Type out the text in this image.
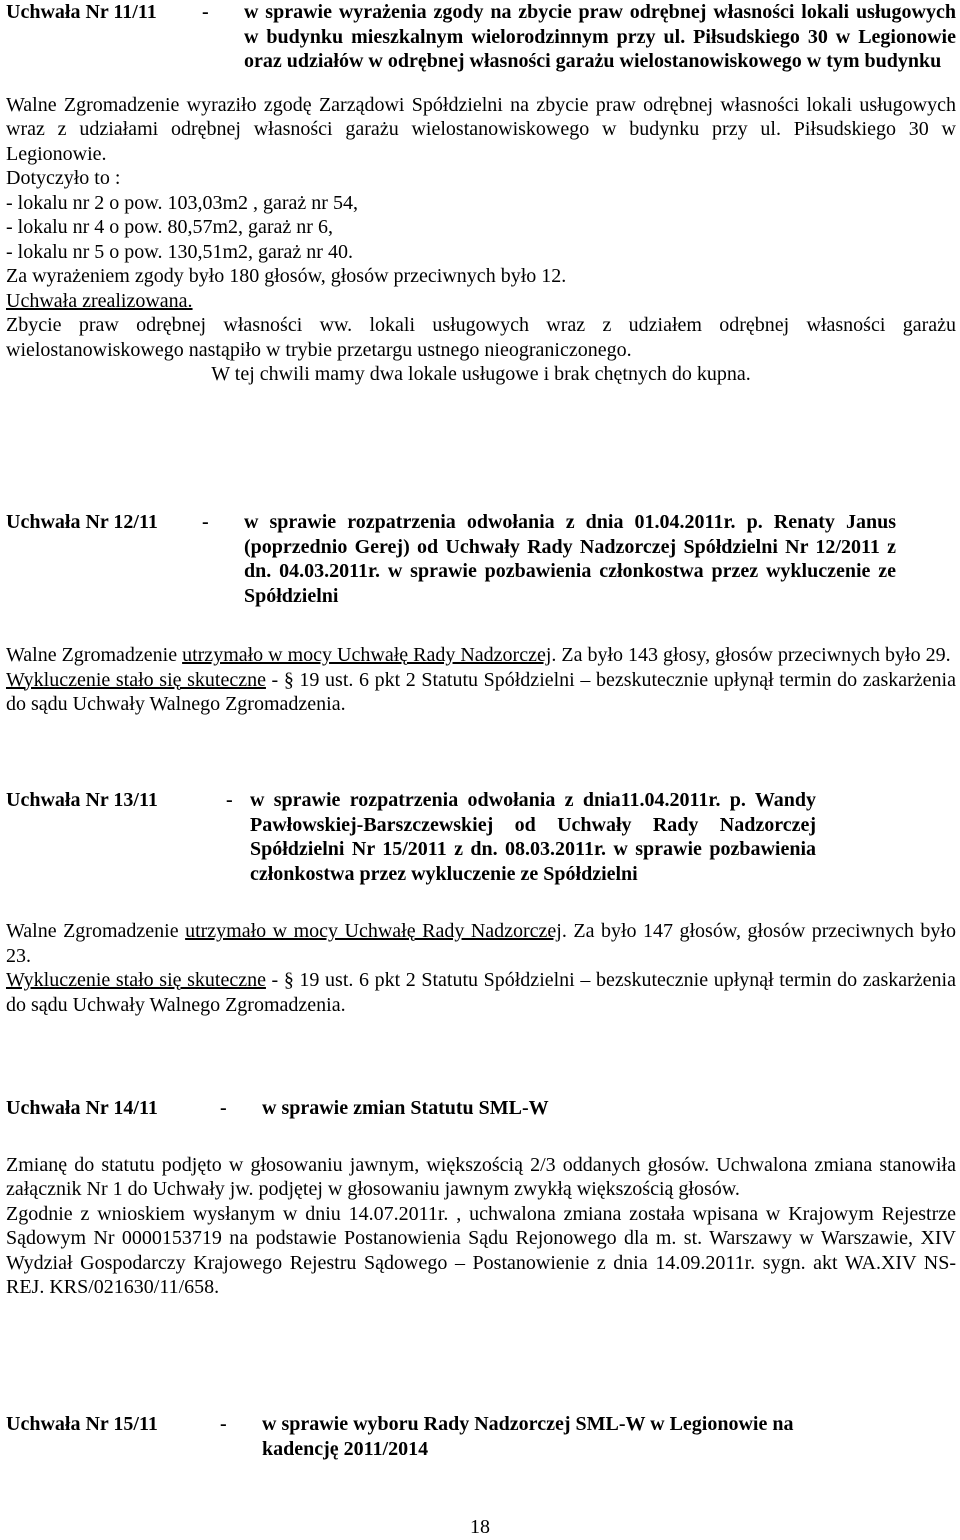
Uchwała Nr 11/11	-	w sprawie wyrażenia zgody na zbycie praw odrębnej własności lokali usługowych w budynku mieszkalnym wielorodzinnym przy ul. Piłsudskiego 30 w Legionowie oraz udziałów w odrębnej własności garażu wielostanowiskowego w tym budynku
Walne Zgromadzenie wyraziło zgodę Zarządowi Spółdzielni na zbycie praw odrębnej własności lokali usługowych wraz z udziałami odrębnej własności garażu wielostanowiskowego w budynku przy ul. Piłsudskiego 30 w Legionowie.
Dotyczyło to :
- lokalu nr 2 o pow. 103,03m2 , garaż nr 54,
- lokalu nr 4 o pow. 80,57m2, garaż nr 6,
- lokalu nr 5 o pow. 130,51m2, garaż nr 40.
Za wyrażeniem zgody było 180 głosów, głosów przeciwnych było 12.
Uchwała zrealizowana.
Zbycie praw odrębnej własności ww. lokali usługowych wraz z udziałem odrębnej własności garażu wielostanowiskowego nastąpiło w trybie przetargu ustnego nieograniczonego.
W tej chwili mamy dwa lokale usługowe i brak chętnych do kupna.
Uchwała Nr 12/11	-	w sprawie rozpatrzenia odwołania z dnia 01.04.2011r. p. Renaty Janus (poprzednio Gerej) od Uchwały Rady Nadzorczej Spółdzielni Nr 12/2011 z dn. 04.03.2011r. w sprawie pozbawienia członkostwa przez wykluczenie ze Spółdzielni
Walne Zgromadzenie utrzymało w mocy Uchwałę Rady Nadzorczej. Za było 143 głosy, głosów przeciwnych było 29.
Wykluczenie stało się skuteczne - § 19 ust. 6 pkt 2 Statutu Spółdzielni – bezskutecznie upłynął termin do zaskarżenia do sądu Uchwały Walnego Zgromadzenia.
Uchwała Nr 13/11	- w sprawie rozpatrzenia odwołania z dnia11.04.2011r. p. Wandy Pawłowskiej-Barszczewskiej od Uchwały Rady Nadzorczej Spółdzielni Nr 15/2011 z dn. 08.03.2011r. w sprawie pozbawienia członkostwa przez wykluczenie ze Spółdzielni
Walne Zgromadzenie utrzymało w mocy Uchwałę Rady Nadzorczej. Za było 147 głosów, głosów przeciwnych było 23.
Wykluczenie stało się skuteczne - § 19 ust. 6 pkt 2 Statutu Spółdzielni – bezskutecznie upłynął termin do zaskarżenia do sądu Uchwały Walnego Zgromadzenia.
Uchwała Nr 14/11	-	w sprawie zmian Statutu SML-W
Zmianę do statutu podjęto w głosowaniu jawnym, większością 2/3 oddanych głosów. Uchwalona zmiana stanowiła załącznik Nr 1 do Uchwały jw. podjętej w głosowaniu jawnym zwykłą większością głosów.
Zgodnie z wnioskiem wysłanym w dniu 14.07.2011r. , uchwalona zmiana została wpisana w Krajowym Rejestrze Sądowym Nr 0000153719 na podstawie Postanowienia Sądu Rejonowego dla m. st. Warszawy w Warszawie, XIV Wydział Gospodarczy Krajowego Rejestru Sądowego – Postanowienie z dnia 14.09.2011r. sygn. akt WA.XIV NS-REJ. KRS/021630/11/658.
Uchwała Nr 15/11	-	w sprawie wyboru Rady Nadzorczej SML-W w Legionowie na kadencję 2011/2014
18
